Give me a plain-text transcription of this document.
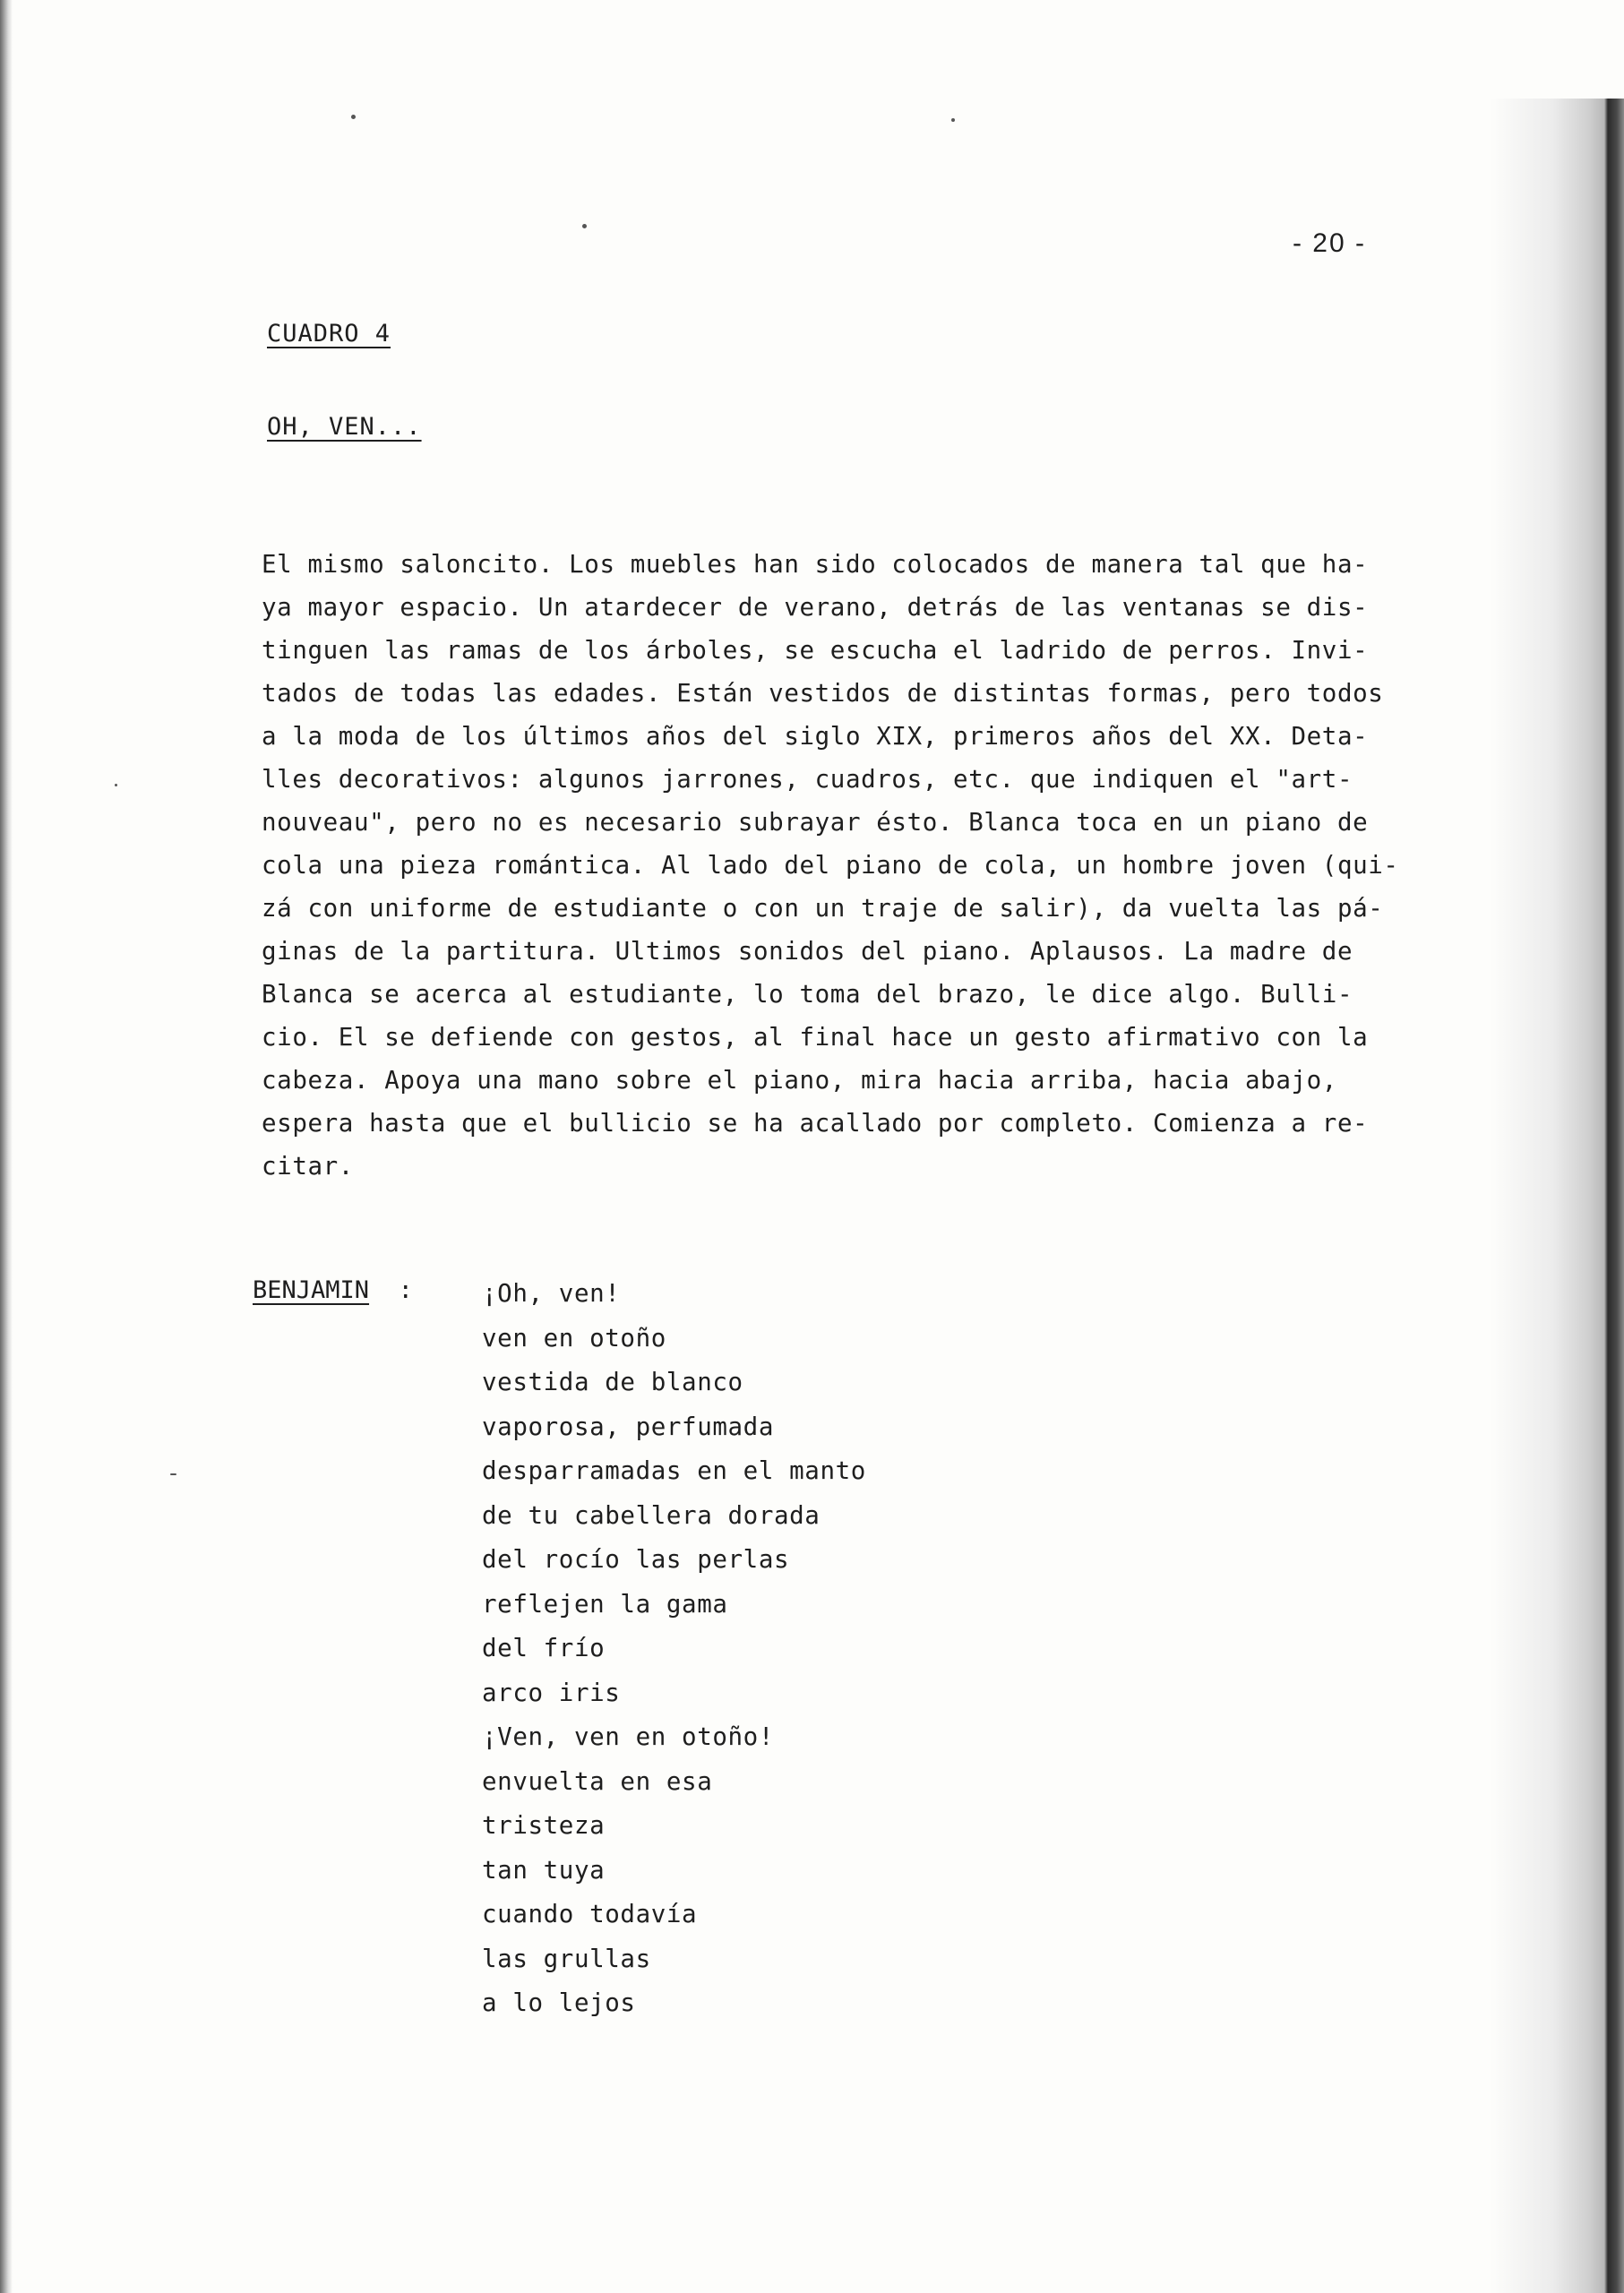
- 20 -
CUADRO 4
OH, VEN...
El mismo saloncito. Los muebles han sido colocados de manera tal que ha-
ya mayor espacio. Un atardecer de verano, detrás de las ventanas se dis-
tinguen las ramas de los árboles, se escucha el ladrido de perros. Invi-
tados de todas las edades. Están vestidos de distintas formas, pero todos
a la moda de los últimos años del siglo XIX, primeros años del XX. Deta-
lles decorativos: algunos jarrones, cuadros, etc. que indiquen el "art-
nouveau", pero no es necesario subrayar ésto. Blanca toca en un piano de
cola una pieza romántica. Al lado del piano de cola, un hombre joven (qui-
zá con uniforme de estudiante o con un traje de salir), da vuelta las pá-
ginas de la partitura. Ultimos sonidos del piano. Aplausos. La madre de
Blanca se acerca al estudiante, lo toma del brazo, le dice algo. Bulli-
cio. El se defiende con gestos, al final hace un gesto afirmativo con la
cabeza. Apoya una mano sobre el piano, mira hacia arriba, hacia abajo,
espera hasta que el bullicio se ha acallado por completo. Comienza a re-
citar.
BENJAMIN :	¡Oh, ven!
ven en otoño
vestida de blanco
vaporosa, perfumada
desparramadas en el manto
de tu cabellera dorada
del rocío las perlas
reflejen la gama
del frío
arco iris
¡Ven, ven en otoño!
envuelta en esa
tristeza
tan tuya
cuando todavía
las grullas
a lo lejos
